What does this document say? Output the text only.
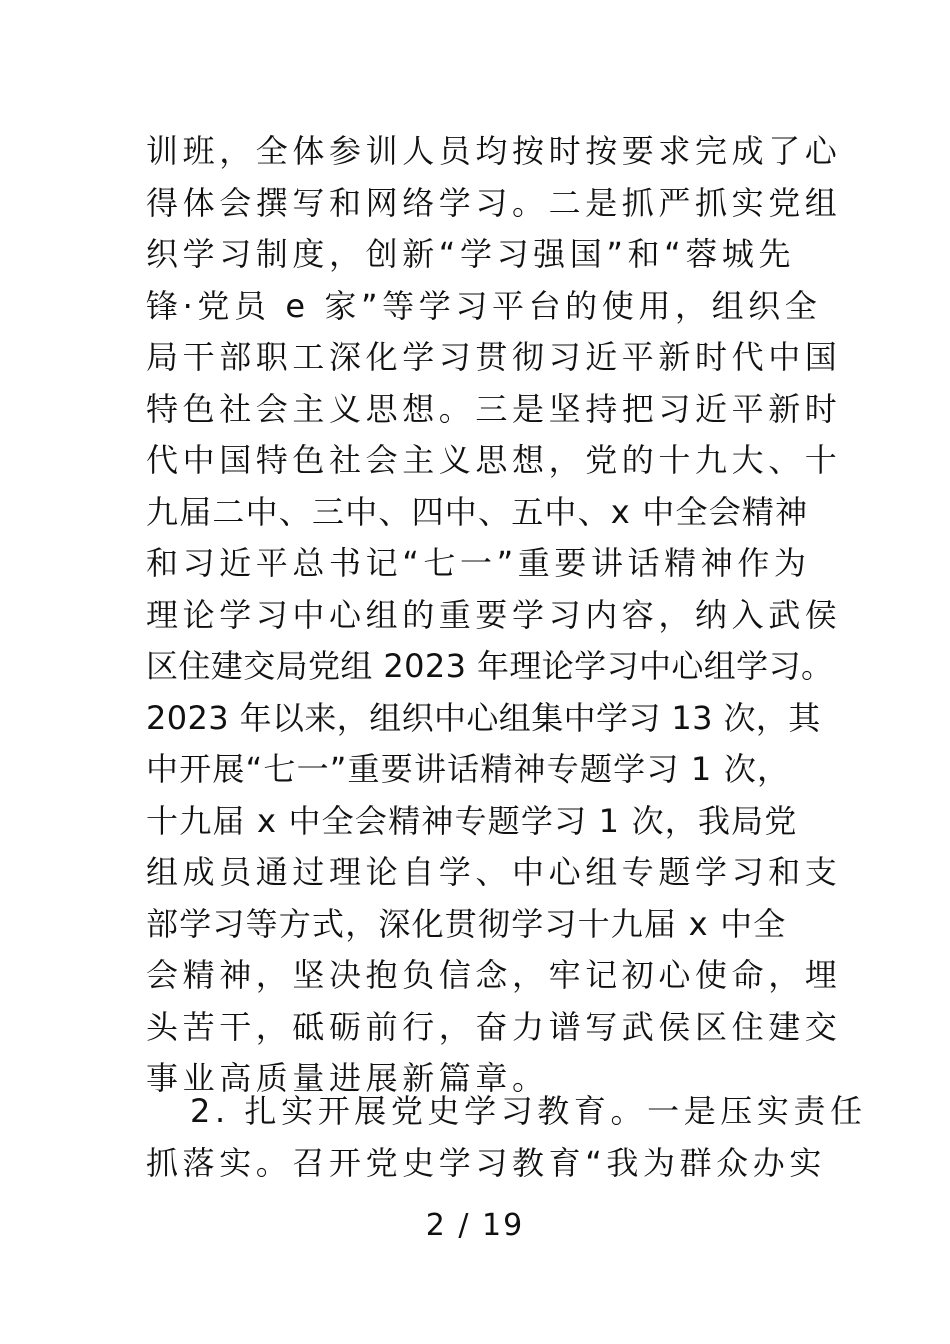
训班，全体参训人员均按时按要求完成了心
得体会撰写和网络学习。二是抓严抓实党组
织学习制度，创新“学习强国”和“蓉城先
锋·党员 e 家”等学习平台的使用，组织全
局干部职工深化学习贯彻习近平新时代中国
特色社会主义思想。三是坚持把习近平新时
代中国特色社会主义思想，党的十九大、十
九届二中、三中、四中、五中、x 中全会精神
和习近平总书记“七一”重要讲话精神作为
理论学习中心组的重要学习内容，纳入武侯
区住建交局党组 2023 年理论学习中心组学习。
2023 年以来，组织中心组集中学习 13 次，其
中开展“七一”重要讲话精神专题学习 1 次，
十九届 x 中全会精神专题学习 1 次，我局党
组成员通过理论自学、中心组专题学习和支
部学习等方式，深化贯彻学习十九届 x 中全
会精神，坚决抱负信念，牢记初心使命，埋
头苦干，砥砺前行，奋力谱写武侯区住建交
事业高质量进展新篇章。
2. 扎实开展党史学习教育。一是压实责任
抓落实。召开党史学习教育“我为群众办实
2 / 19
